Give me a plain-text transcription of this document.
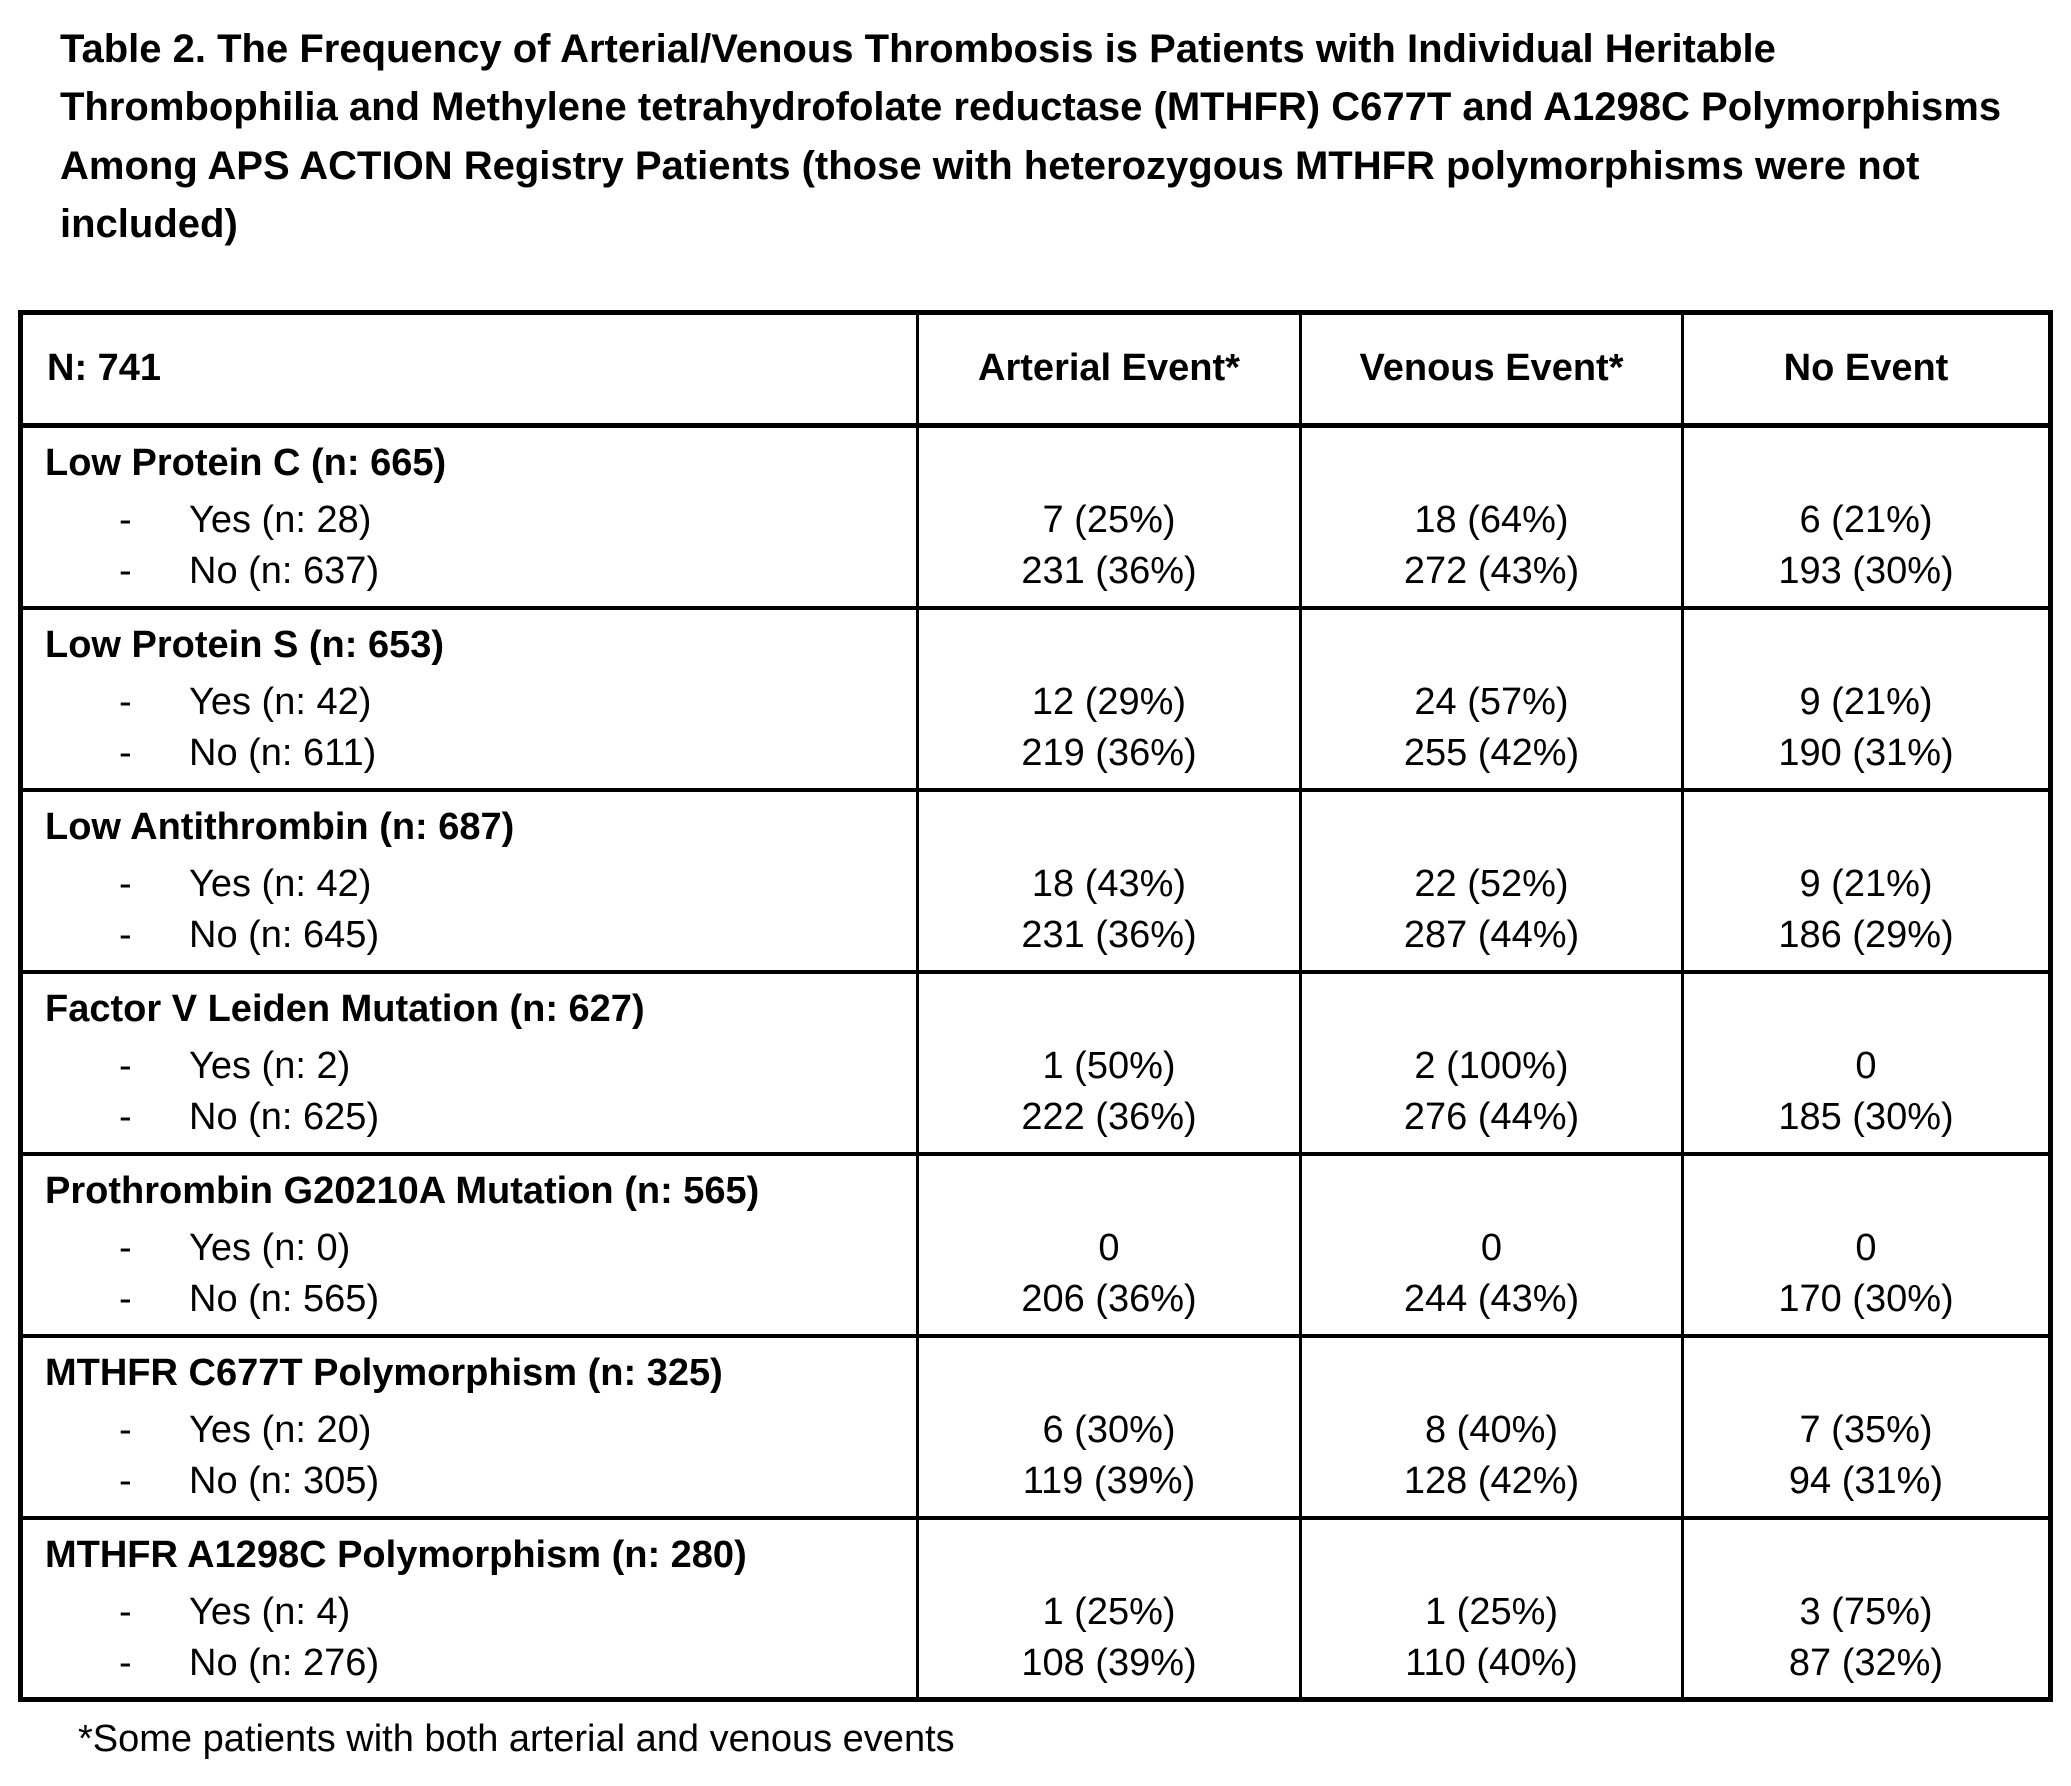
Table 2. The Frequency of Arterial/Venous Thrombosis is Patients with Individual Heritable Thrombophilia and Methylene tetrahydrofolate reductase (MTHFR) C677T and A1298C Polymorphisms Among APS ACTION Registry Patients (those with heterozygous MTHFR polymorphisms were not included)
N: 741	Arterial Event*	Venous Event*	No Event
Low Protein C (n: 665)			
- Yes (n: 28)	7 (25%)	18 (64%)	6 (21%)
- No (n: 637)	231 (36%)	272 (43%)	193 (30%)
Low Protein S (n: 653)			
- Yes (n: 42)	12 (29%)	24 (57%)	9 (21%)
- No (n: 611)	219 (36%)	255 (42%)	190 (31%)
Low Antithrombin (n: 687)			
- Yes (n: 42)	18 (43%)	22 (52%)	9 (21%)
- No (n: 645)	231 (36%)	287 (44%)	186 (29%)
Factor V Leiden Mutation (n: 627)			
- Yes (n: 2)	1 (50%)	2 (100%)	0
- No (n: 625)	222 (36%)	276 (44%)	185 (30%)
Prothrombin G20210A Mutation (n: 565)			
- Yes (n: 0)	0	0	0
- No (n: 565)	206 (36%)	244 (43%)	170 (30%)
MTHFR C677T Polymorphism (n: 325)			
- Yes (n: 20)	6 (30%)	8 (40%)	7 (35%)
- No (n: 305)	119 (39%)	128 (42%)	94 (31%)
MTHFR A1298C Polymorphism (n: 280)			
- Yes (n: 4)	1 (25%)	1 (25%)	3 (75%)
- No (n: 276)	108 (39%)	110 (40%)	87 (32%)
*Some patients with both arterial and venous events
